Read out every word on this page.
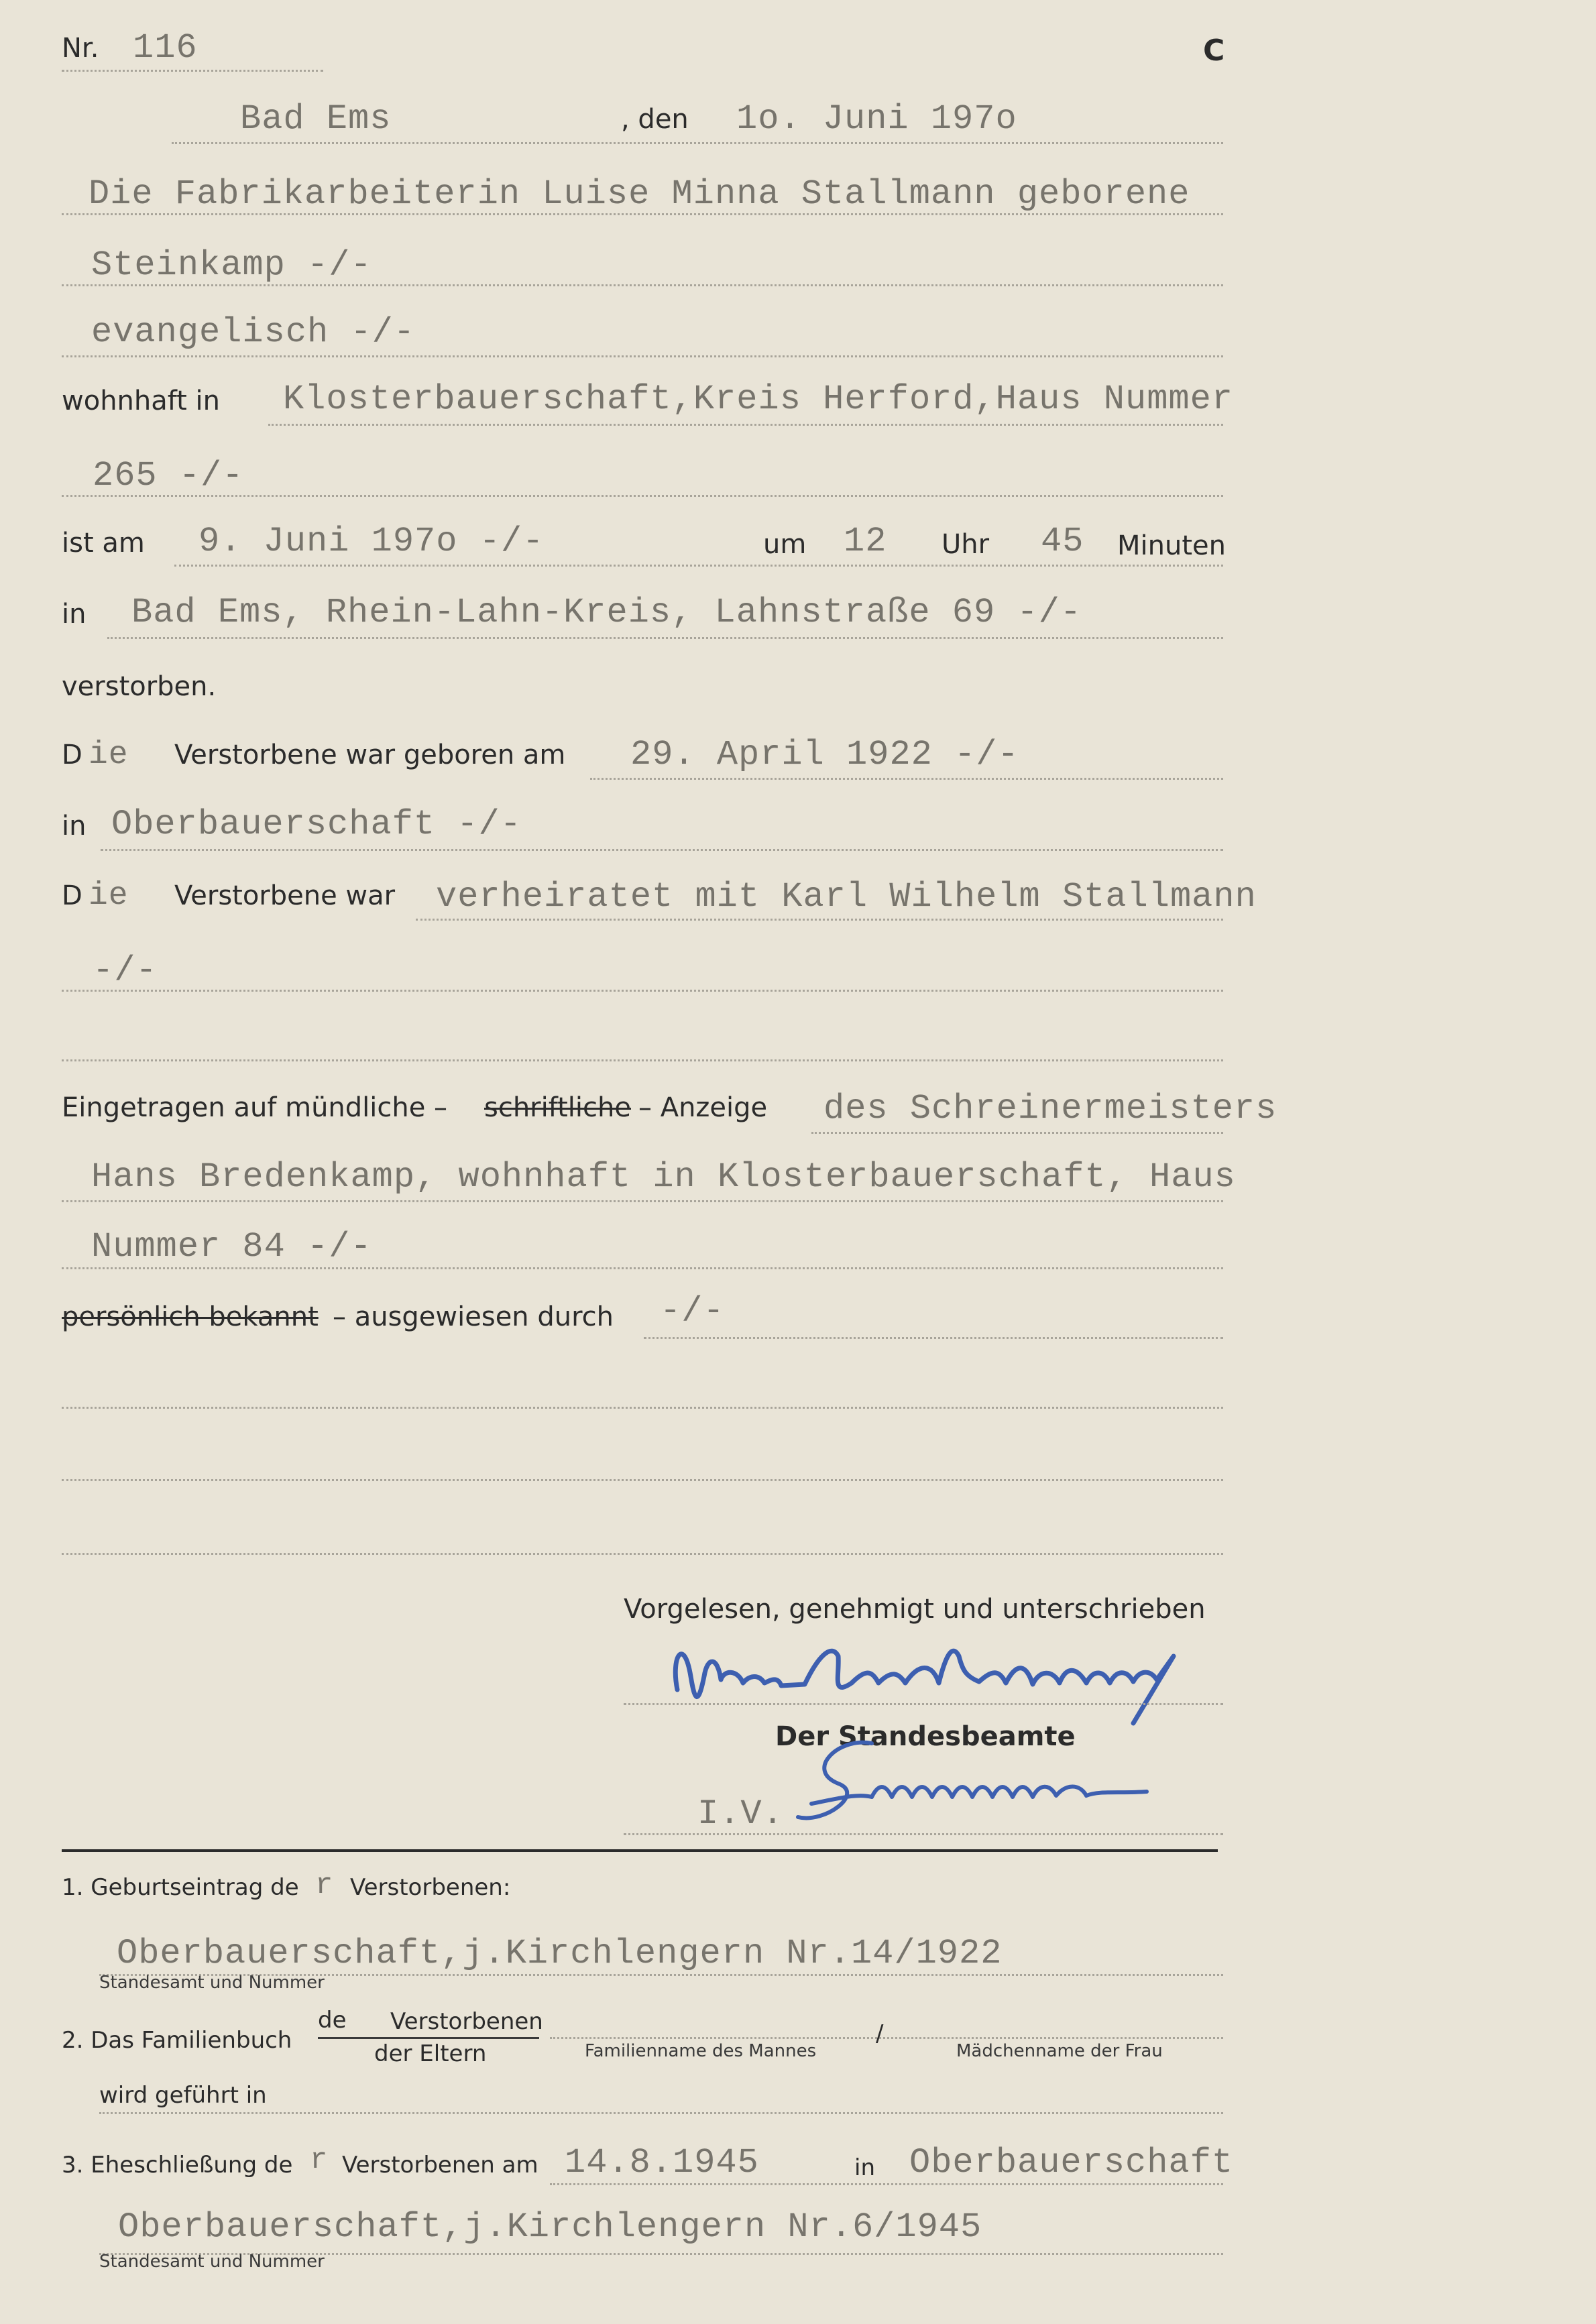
Nr. 116	C
Bad Ems	, den 1o. Juni 197o
Die Fabrikarbeiterin Luise Minna Stallmann geborene
Steinkamp -/-
evangelisch -/-
wohnhaft in Klosterbauerschaft,Kreis Herford,Haus Nummer
265 -/-
ist am 9. Juni 197o -/-	um 12 Uhr 45 Minuten
in Bad Ems, Rhein-Lahn-Kreis, Lahnstraße 69 -/-
verstorben.
D ie Verstorbene war geboren am 29. April 1922 -/-
in Oberbauerschaft -/-
D ie Verstorbene war verheiratet mit Karl Wilhelm Stallmann
-/-
Eingetragen auf mündliche – schriftliche – Anzeige des Schreinermeisters
Hans Bredenkamp, wohnhaft in Klosterbauerschaft, Haus
Nummer 84 -/-
persönlich bekannt – ausgewiesen durch -/-
Vorgelesen, genehmigt und unterschrieben
Der Standesbeamte
I.V.
1. Geburtseintrag de r Verstorbenen:
Oberbauerschaft,j.Kirchlengern Nr.14/1922
Standesamt und Nummer
2. Das Familienbuch
de Verstorbenen
der Eltern	Familienname des Mannes
/
Mädchenname der Frau
wird geführt in
3. Eheschließung de r Verstorbenen am 14.8.1945	in Oberbauerschaft
Oberbauerschaft,j.Kirchlengern Nr.6/1945
Standesamt und Nummer
